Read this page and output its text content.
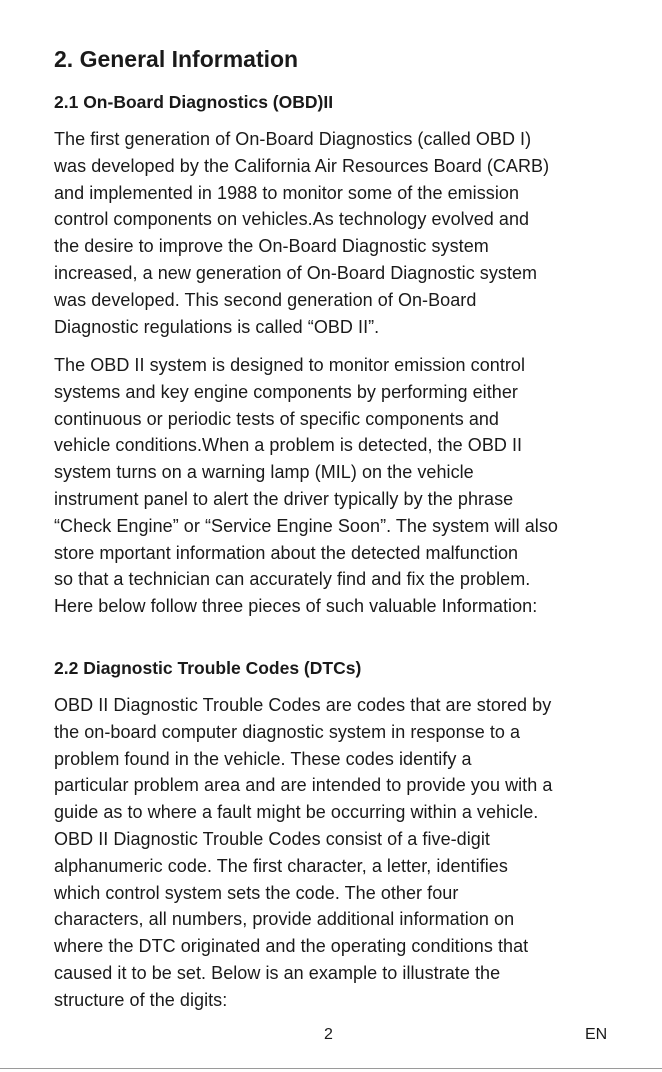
2. General Information
2.1 On-Board Diagnostics (OBD)II
The first generation of On-Board Diagnostics (called OBD I)
was developed by the California Air Resources Board (CARB)
and implemented in 1988 to monitor some of the emission
control components on vehicles.As technology evolved and
the desire to improve the On-Board Diagnostic system
increased, a new generation of On-Board Diagnostic system
was developed. This second generation of On-Board
Diagnostic regulations is called “OBD II”.
The OBD II system is designed to monitor emission control
systems and key engine components by performing either
continuous or periodic tests of specific components and
vehicle conditions.When a problem is detected, the OBD II
system turns on a warning lamp (MIL) on the vehicle
instrument panel to alert the driver typically by the phrase
“Check Engine” or “Service Engine Soon”. The system will also
store mportant information about the detected malfunction
so that a technician can accurately find and fix the problem.
Here below follow three pieces of such valuable Information:
2.2 Diagnostic Trouble Codes (DTCs)
OBD II Diagnostic Trouble Codes are codes that are stored by
the on-board computer diagnostic system in response to a
problem found in the vehicle. These codes identify a
particular problem area and are intended to provide you with a
guide as to where a fault might be occurring within a vehicle.
OBD II Diagnostic Trouble Codes consist of a five-digit
alphanumeric code. The first character, a letter, identifies
which control system sets the code. The other four
characters, all numbers, provide additional information on
where the DTC originated and the operating conditions that
caused it to be set. Below is an example to illustrate the
structure of the digits:
2	EN
